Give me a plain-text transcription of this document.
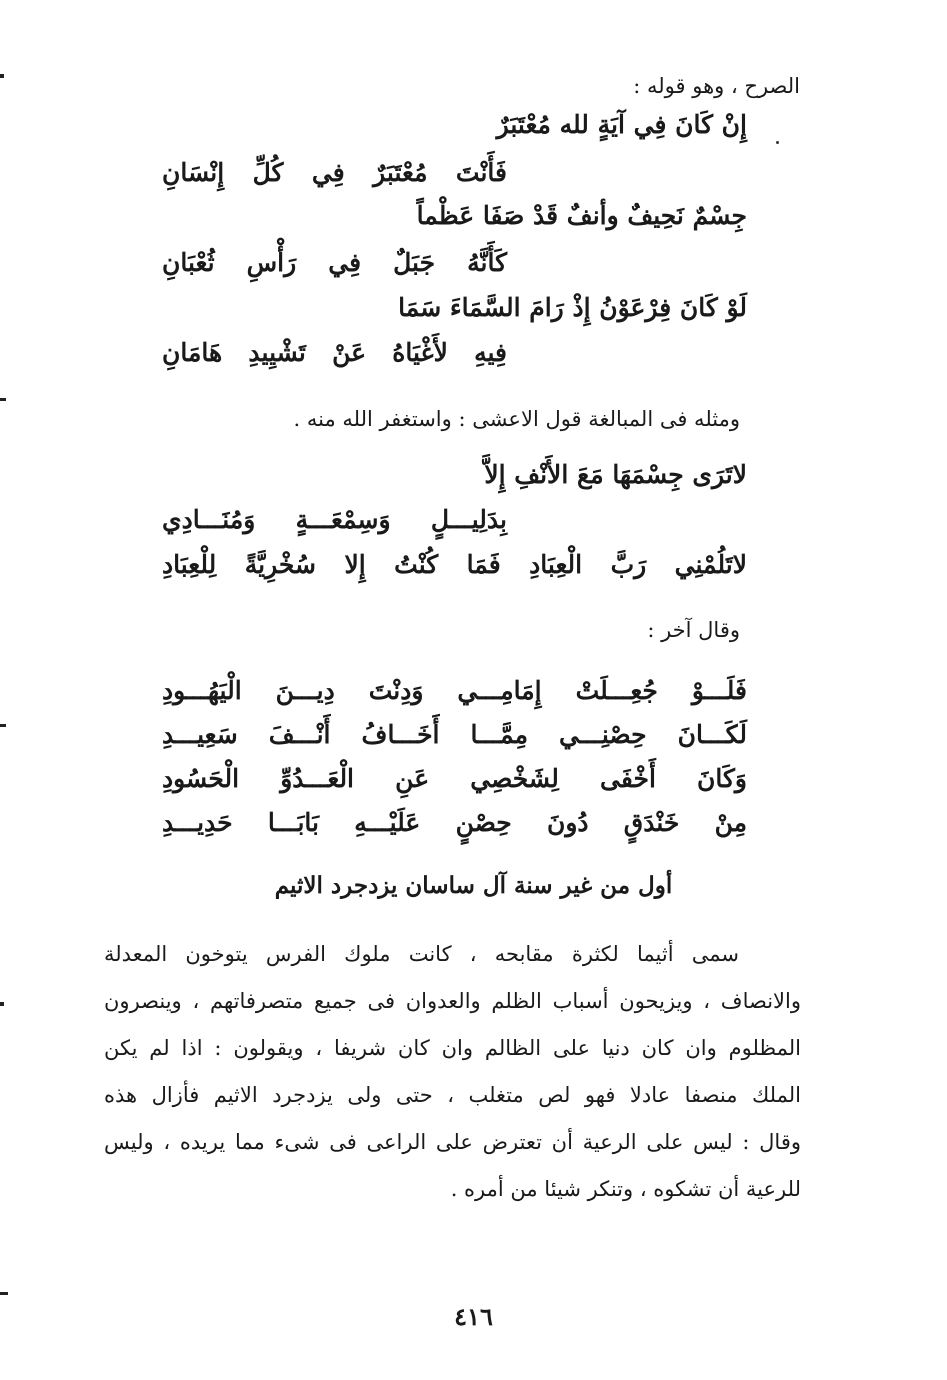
الصرح ، وهو قوله :
إِنْ كَانَ فِي آيَةٍ لله مُعْتَبَرٌ
فَأَنْتَ مُعْتَبَرٌ فِي كُلِّ إِنْسَانِ
جِسْمٌ نَحِيفٌ وأنفٌ قَدْ صَفَا عَظْماً
كَأَنَّهُ جَبَلٌ فِي رَأْسِ ثُعْبَانِ
لَوْ كَانَ فِرْعَوْنُ إِذْ رَامَ السَّمَاءَ سَمَا
فِيهِ لأَغْيَاهُ عَنْ تَشْيِيدِ هَامَانِ
ومثله فى المبالغة قول الاعشى : واستغفر الله منه .
لاتَرَى جِسْمَهَا مَعَ الأَنْفِ إِلاَّ
بِدَلِيـــلٍ وَسِمْعَـــةٍ وَمُنَـــادِي
لاتَلُمْنِي رَبَّ الْعِبَادِ فَمَا كُنْتُ إِلا سُخْرِيَّةً لِلْعِبَادِ
وقال آخر :
فَلَـــوْ جُعِـــلَتْ إِمَامِـــي وَدِنْتَ دِيـــنَ الْيَهُـــودِ
لَكَـــانَ حِصْنِـــي مِمَّـــا أَخَـــافُ أَنْـــفَ سَعِيـــدِ
وَكَانَ أَخْفَى لِشَخْصِي عَنِ الْعَـــدُوِّ الْحَسُودِ
مِنْ خَنْدَقٍ دُونَ حِصْنٍ عَلَيْـــهِ بَابَـــا حَدِيـــدِ
أول من غير سنة آل ساسان يزدجرد الاثيم
سمى أثيما لكثرة مقابحه ، كانت ملوك الفرس يتوخون المعدلة
والانصاف ، ويزيحون أسباب الظلم والعدوان فى جميع متصرفاتهم ، وينصرون
المظلوم وان كان دنيا على الظالم وان كان شريفا ، ويقولون : اذا لم يكن
الملك منصفا عادلا فهو لص متغلب ، حتى ولى يزدجرد الاثيم فأزال هذه
وقال : ليس على الرعية أن تعترض على الراعى فى شىء مما يريده ، وليس
للرعية أن تشكوه ، وتنكر شيئا من أمره .
٤١٦
